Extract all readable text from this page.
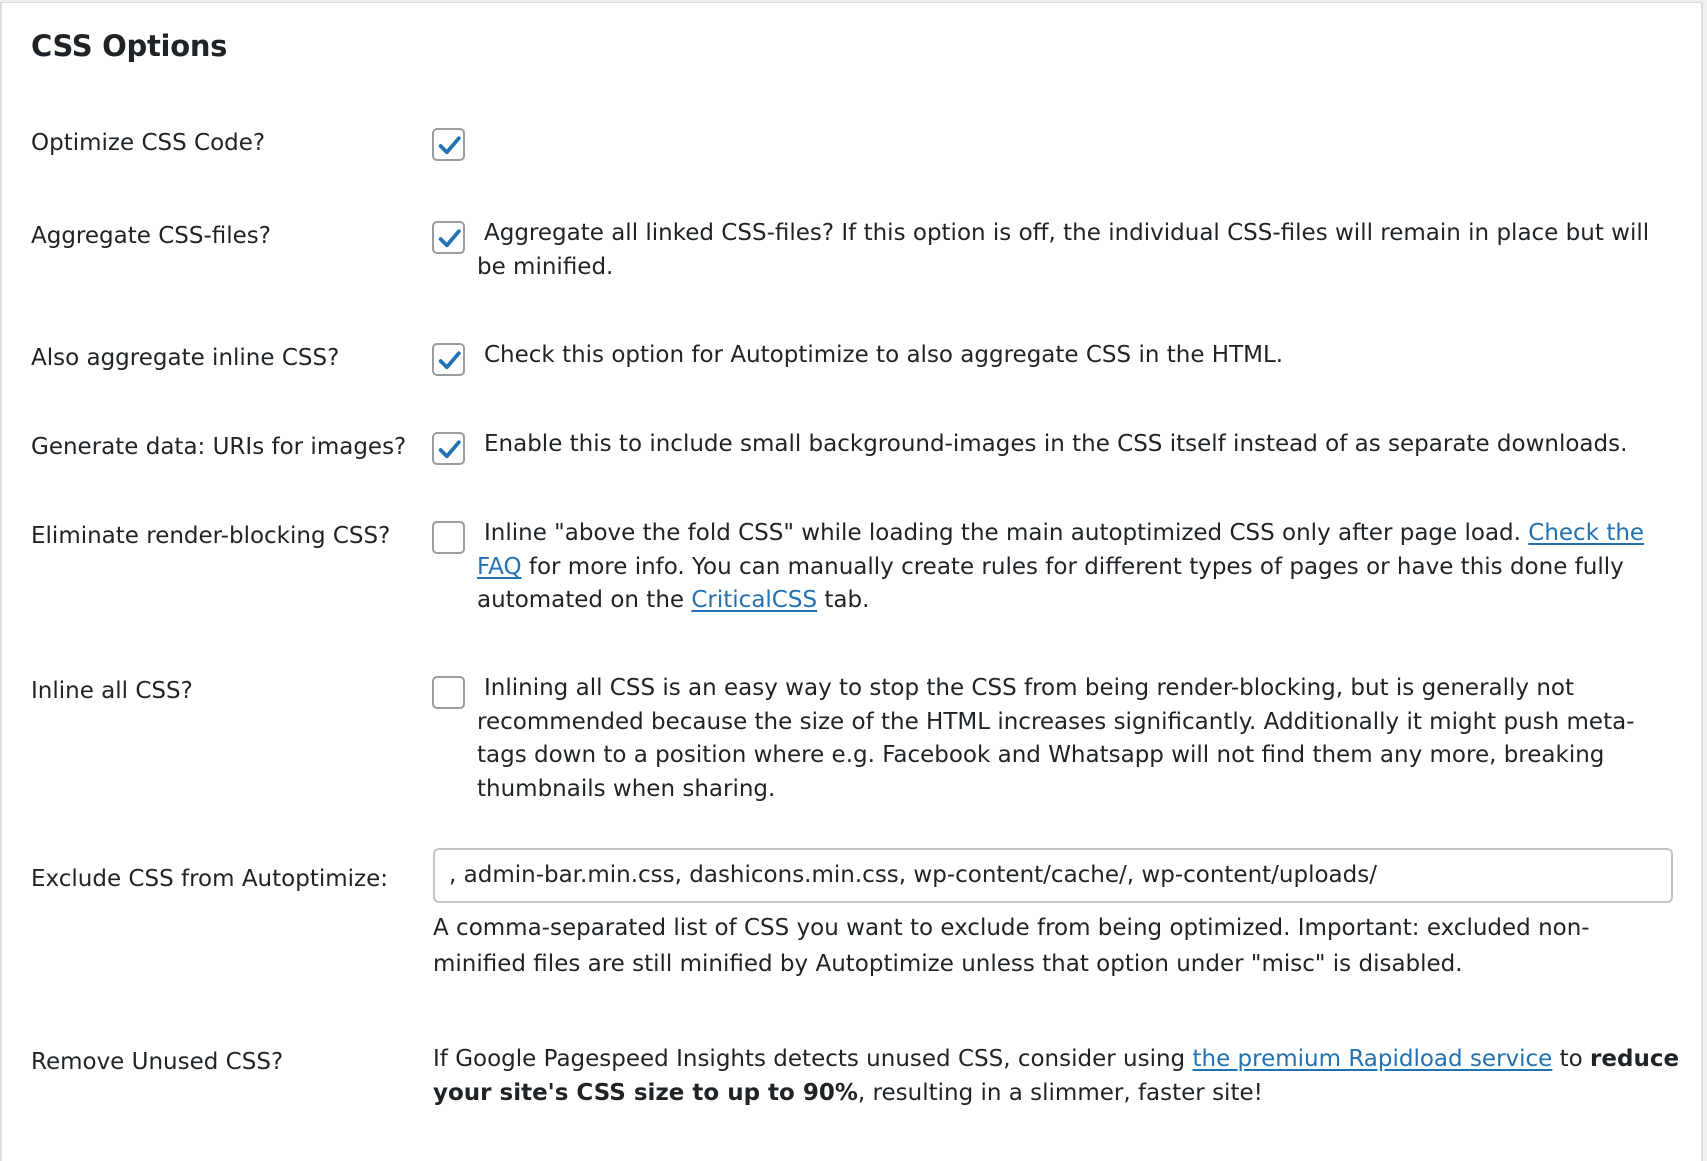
CSS Options
Optimize CSS Code?
Aggregate CSS-files?	Aggregate all linked CSS-files? If this option is off, the individual CSS-files will remain in place but will be minified.
Also aggregate inline CSS?	Check this option for Autoptimize to also aggregate CSS in the HTML.
Generate data: URIs for images?	Enable this to include small background-images in the CSS itself instead of as separate downloads.
Eliminate render-blocking CSS?	Inline "above the fold CSS" while loading the main autoptimized CSS only after page load. Check the FAQ for more info. You can manually create rules for different types of pages or have this done fully automated on the CriticalCSS tab.
Inline all CSS?	Inlining all CSS is an easy way to stop the CSS from being render-blocking, but is generally not recommended because the size of the HTML increases significantly. Additionally it might push meta-tags down to a position where e.g. Facebook and Whatsapp will not find them any more, breaking thumbnails when sharing.
Exclude CSS from Autoptimize:	, admin-bar.min.css, dashicons.min.css, wp-content/cache/, wp-content/uploads/
A comma-separated list of CSS you want to exclude from being optimized. Important: excluded non-minified files are still minified by Autoptimize unless that option under "misc" is disabled.
Remove Unused CSS?	If Google Pagespeed Insights detects unused CSS, consider using the premium Rapidload service to reduce your site's CSS size to up to 90%, resulting in a slimmer, faster site!
